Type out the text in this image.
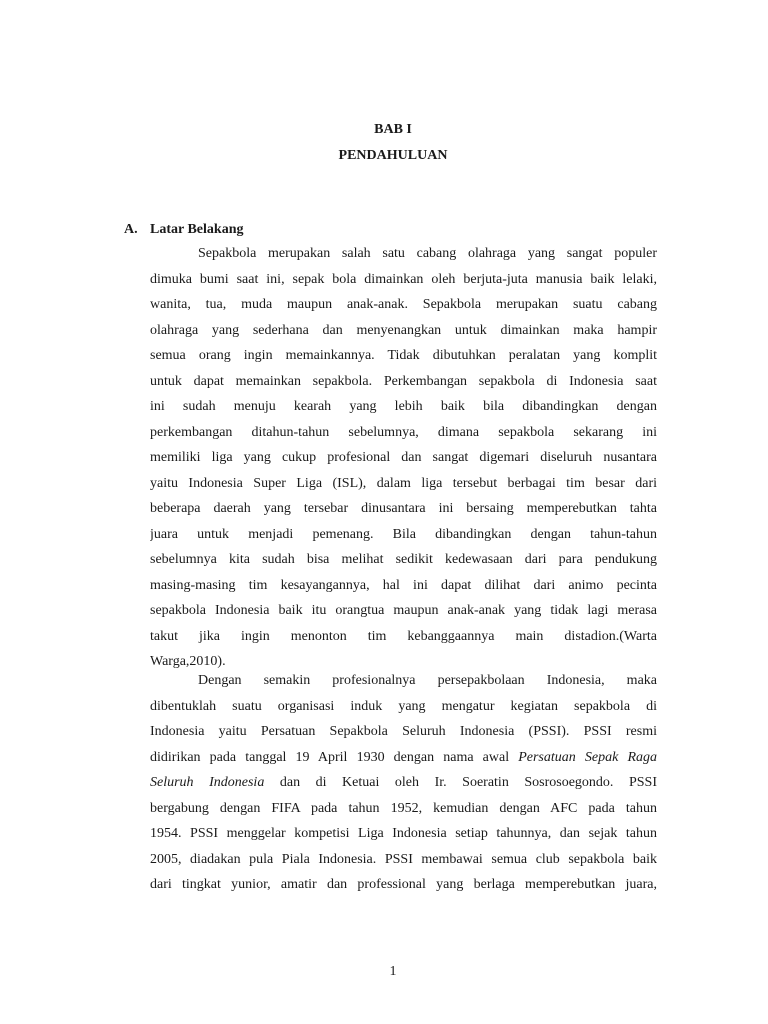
BAB I
PENDAHULUAN
A. Latar Belakang
Sepakbola merupakan salah satu cabang olahraga yang sangat populer
dimuka bumi saat ini, sepak bola dimainkan oleh berjuta-juta manusia baik lelaki,
wanita, tua, muda maupun anak-anak. Sepakbola merupakan suatu cabang
olahraga yang sederhana dan menyenangkan untuk dimainkan maka hampir
semua orang ingin memainkannya. Tidak dibutuhkan peralatan yang komplit
untuk dapat memainkan sepakbola. Perkembangan sepakbola di Indonesia saat
ini sudah menuju kearah yang lebih baik bila dibandingkan dengan
perkembangan ditahun-tahun sebelumnya, dimana sepakbola sekarang ini
memiliki liga yang cukup profesional dan sangat digemari diseluruh nusantara
yaitu Indonesia Super Liga (ISL), dalam liga tersebut berbagai tim besar dari
beberapa daerah yang tersebar dinusantara ini bersaing memperebutkan tahta
juara untuk menjadi pemenang. Bila dibandingkan dengan tahun-tahun
sebelumnya kita sudah bisa melihat sedikit kedewasaan dari para pendukung
masing-masing tim kesayangannya, hal ini dapat dilihat dari animo pecinta
sepakbola Indonesia baik itu orangtua maupun anak-anak yang tidak lagi merasa
takut jika ingin menonton tim kebanggaannya main distadion.(Warta
Warga,2010).
Dengan semakin profesionalnya persepakbolaan Indonesia, maka
dibentuklah suatu organisasi induk yang mengatur kegiatan sepakbola di
Indonesia yaitu Persatuan Sepakbola Seluruh Indonesia (PSSI). PSSI resmi
didirikan pada tanggal 19 April 1930 dengan nama awal Persatuan Sepak Raga
Seluruh Indonesia dan di Ketuai oleh Ir. Soeratin Sosrosoegondo. PSSI
bergabung dengan FIFA pada tahun 1952, kemudian dengan AFC pada tahun
1954. PSSI menggelar kompetisi Liga Indonesia setiap tahunnya, dan sejak tahun
2005, diadakan pula Piala Indonesia. PSSI membawai semua club sepakbola baik
dari tingkat yunior, amatir dan professional yang berlaga memperebutkan juara,
1
